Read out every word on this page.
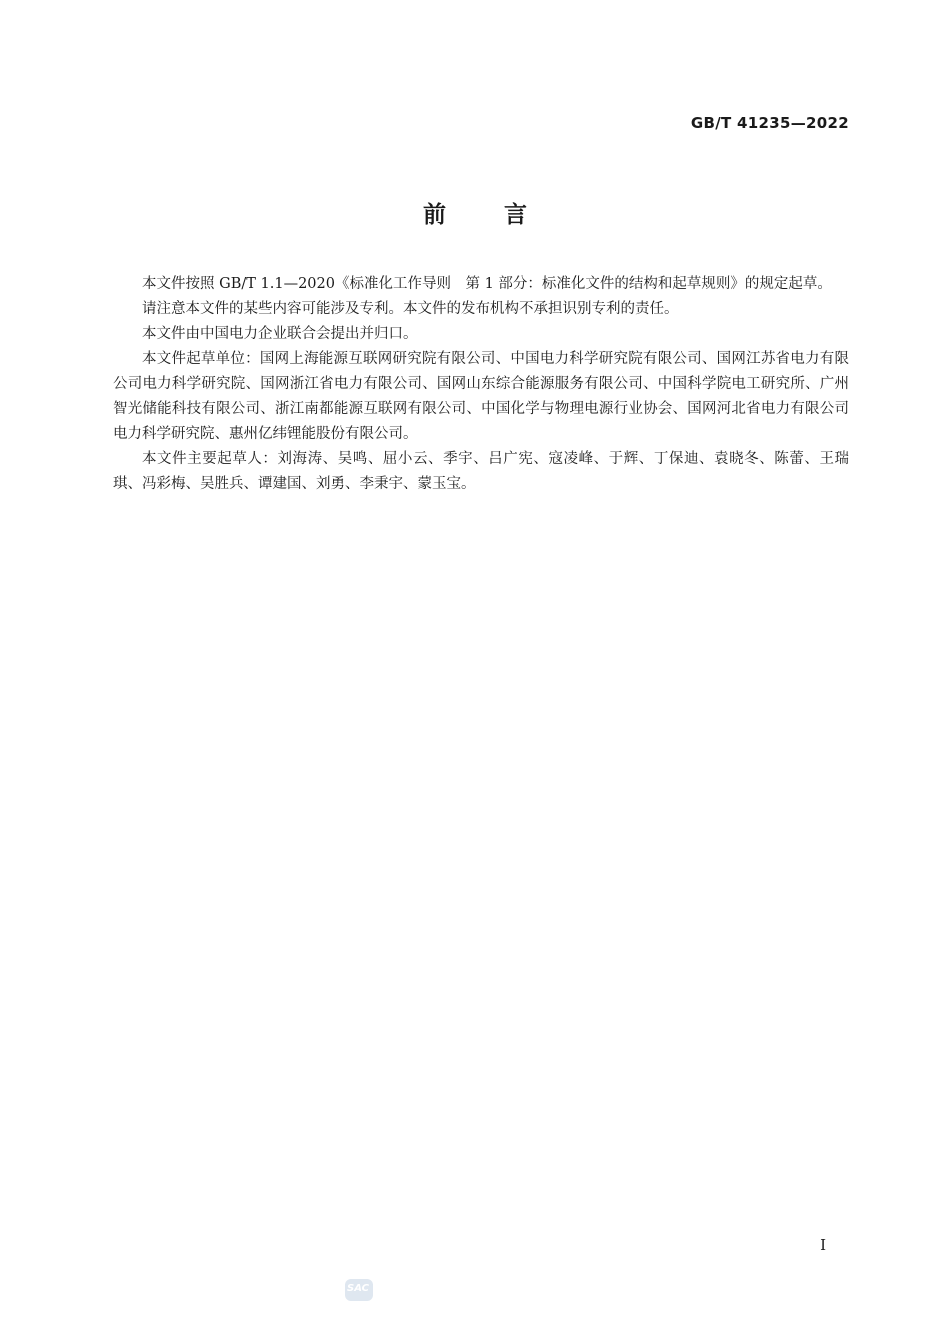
GB/T 41235—2022
前言

本文件按照 GB/T 1.1—2020《标准化工作导则　第 1 部分：标准化文件的结构和起草规则》的规定起草。

请注意本文件的某些内容可能涉及专利。本文件的发布机构不承担识别专利的责任。

本文件由中国电力企业联合会提出并归口。

本文件起草单位：国网上海能源互联网研究院有限公司、中国电力科学研究院有限公司、国网江苏省电力有限公司电力科学研究院、国网浙江省电力有限公司、国网山东综合能源服务有限公司、中国科学院电工研究所、广州智光储能科技有限公司、浙江南都能源互联网有限公司、中国化学与物理电源行业协会、国网河北省电力有限公司电力科学研究院、惠州亿纬锂能股份有限公司。

本文件主要起草人：刘海涛、吴鸣、屈小云、季宇、吕广宪、寇凌峰、于辉、丁保迪、袁晓冬、陈蕾、王瑞琪、冯彩梅、吴胜兵、谭建国、刘勇、李秉宇、蒙玉宝。

I
SAC
